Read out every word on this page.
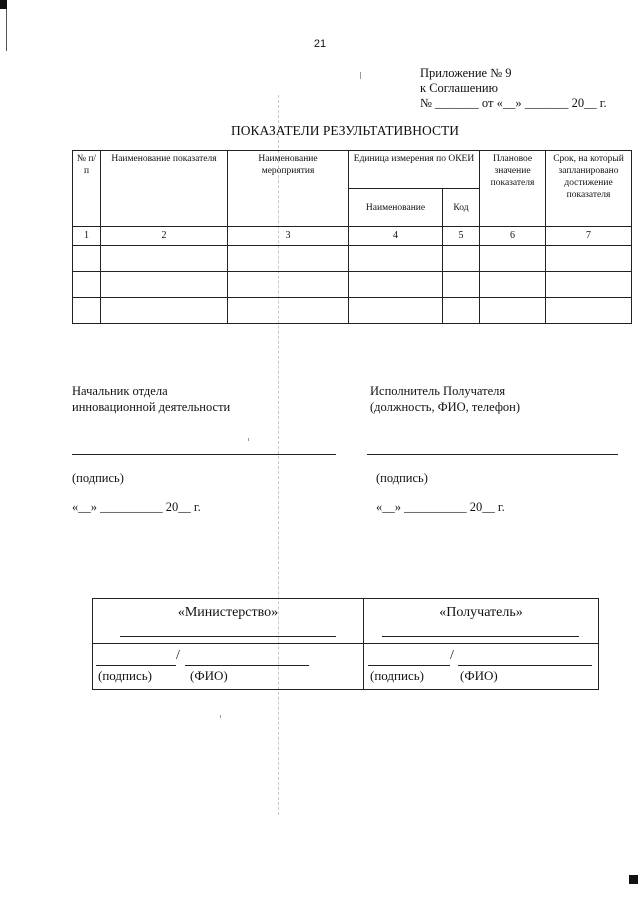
21
Приложение № 9
к Соглашению
№ _______ от «__» _______ 20__ г.
ПОКАЗАТЕЛИ РЕЗУЛЬТАТИВНОСТИ
№ п/п	Наименование показателя	Наименование мероприятия	Единица измерения по ОКЕИ		Плановое значение показателя	Срок, на который запланировано достижение показателя
			Наименование	Код		
1	2	3	4	5	6	7

Начальник отдела
инновационной деятельности
Исполнитель Получателя
(должность, ФИО, телефон)
(подпись)	(подпись)
«__» __________ 20__ г.	«__» __________ 20__ г.
«Министерство»	«Получатель»
/	/
(подпись)	(ФИО)	(подпись)	(ФИО)
